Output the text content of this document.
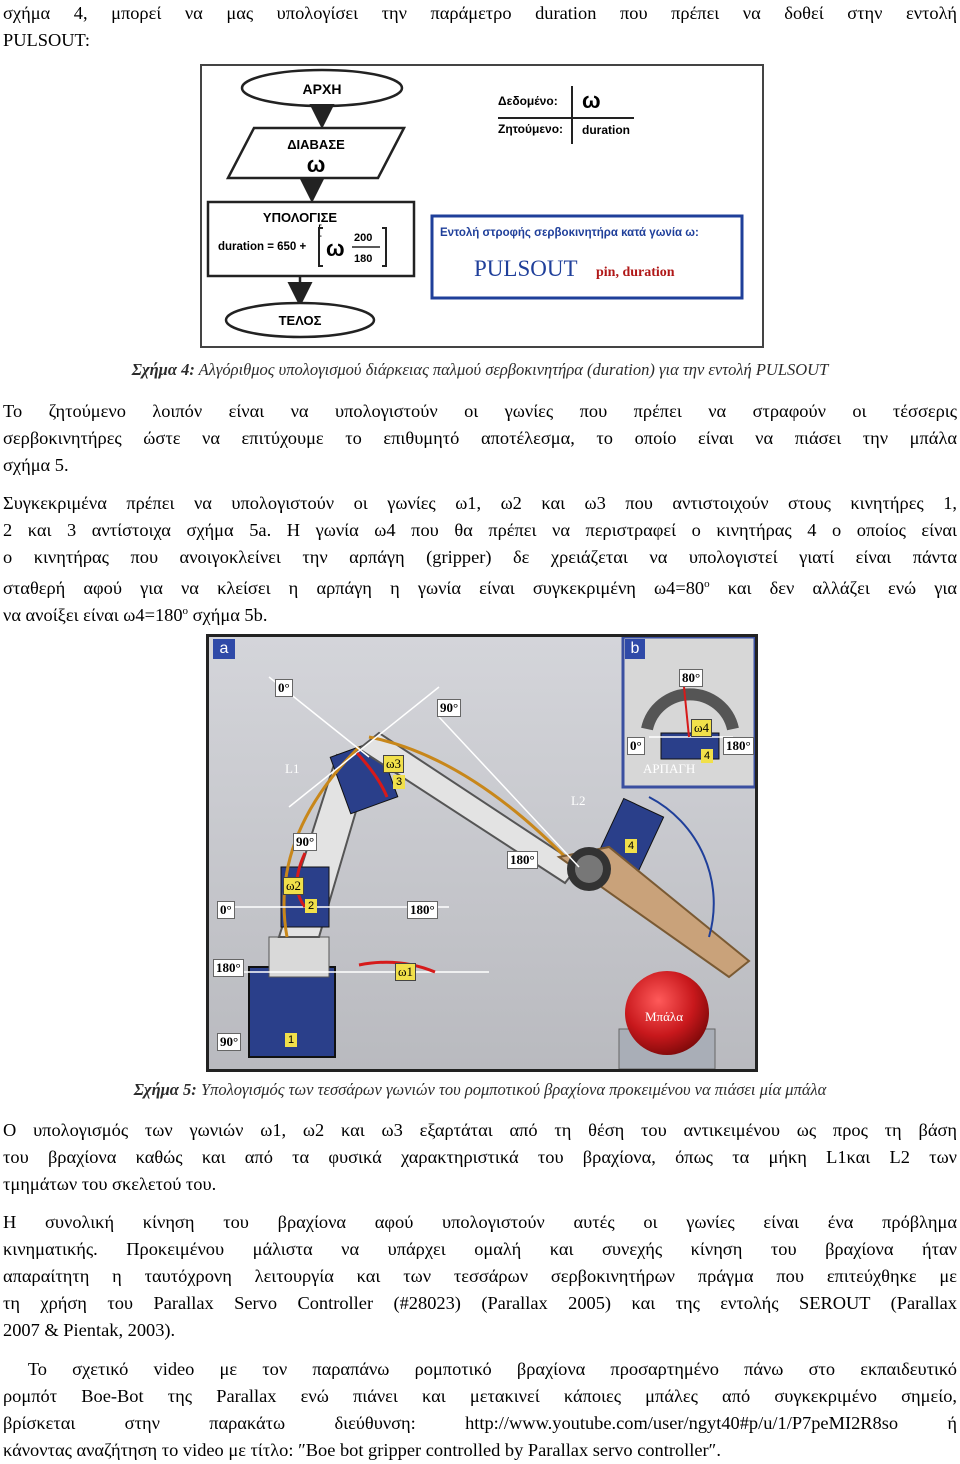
σχήμα 4, μπορεί να μας υπολογίσει την παράμετρο duration που πρέπει να δοθεί στην εντολή

PULSOUT:

ΑΡΧΗ
ΔΙΑΒΑΣΕ
ω
ΥΠΟΛΟΓΙΣΕ
duration = 650 +
[
ω 200
180
ΤΕΛΟΣ
Δεδομένο: ω
Ζητούμενο: duration
Εντολή στροφής σερβοκινητήρα κατά γωνία ω:
PULSOUT pin, duration
Σχήμα 4: Αλγόριθμος υπολογισμού διάρκειας παλμού σερβοκινητήρα (duration) για την εντολή PULSOUT

Το ζητούμενο λοιπόν είναι να υπολογιστούν οι γωνίες που πρέπει να στραφούν οι τέσσερις

σερβοκινητήρες ώστε να επιτύχουμε το επιθυμητό αποτέλεσμα, το οποίο είναι να πιάσει την μπάλα

σχήμα 5.

Συγκεκριμένα πρέπει να υπολογιστούν οι γωνίες ω1, ω2 και ω3 που αντιστοιχούν στους κινητήρες 1,

2 και 3 αντίστοιχα σχήμα 5a. Η γωνία ω4 που θα πρέπει να περιστραφεί ο κινητήρας 4 ο οποίος είναι

ο κινητήρας που ανοιγοκλείνει την αρπάγη (gripper) δε χρειάζεται να υπολογιστεί γιατί είναι πάντα

σταθερή αφού για να κλείσει η αρπάγη η γωνία είναι συγκεκριμένη $\omega 4=80^o$ και δεν αλλάζει ενώ για

να ανοίξει είναι $\omega 4=180^o$ σχήμα 5b.

a	b
0°
90°
90°
180°
0°	180°
180°
90°
0°	180°
80°
L1
L2
ω1
ω2
ω3
ω4
1
2
3
4
4
ΑΡΠΑΓΗ
Μπάλα
Σχήμα 5: Υπολογισμός των τεσσάρων γωνιών του ρομποτικού βραχίονα προκειμένου να πιάσει μία μπάλα

Ο υπολογισμός των γωνιών ω1, ω2 και ω3 εξαρτάται από τη θέση του αντικειμένου ως προς τη βάση

του βραχίονα καθώς και από τα φυσικά χαρακτηριστικά του βραχίονα, όπως τα μήκη L1και L2 των

τμημάτων του σκελετού του.

Η συνολική κίνηση του βραχίονα αφού υπολογιστούν αυτές οι γωνίες είναι ένα πρόβλημα

κινηματικής. Προκειμένου μάλιστα να υπάρχει ομαλή και συνεχής κίνηση του βραχίονα ήταν

απαραίτητη η ταυτόχρονη λειτουργία και των τεσσάρων σερβοκινητήρων πράγμα που επιτεύχθηκε με

τη χρήση του Parallax Servo Controller (#28023) (Parallax 2005) και της εντολής SEROUT (Parallax

2007 & Pientak, 2003).

Το σχετικό video με τον παραπάνω ρομποτικό βραχίονα προσαρτημένο πάνω στο εκπαιδευτικό

ρομπότ Boe-Bot της Parallax ενώ πιάνει και μετακινεί κάποιες μπάλες από συγκεκριμένο σημείο,

βρίσκεται στην παρακάτω διεύθυνση: http://www.youtube.com/user/ngyt40#p/u/1/P7peMI2R8so ή

κάνοντας αναζήτηση το video με τίτλο: ″Boe bot gripper controlled by Parallax servo controller″.
